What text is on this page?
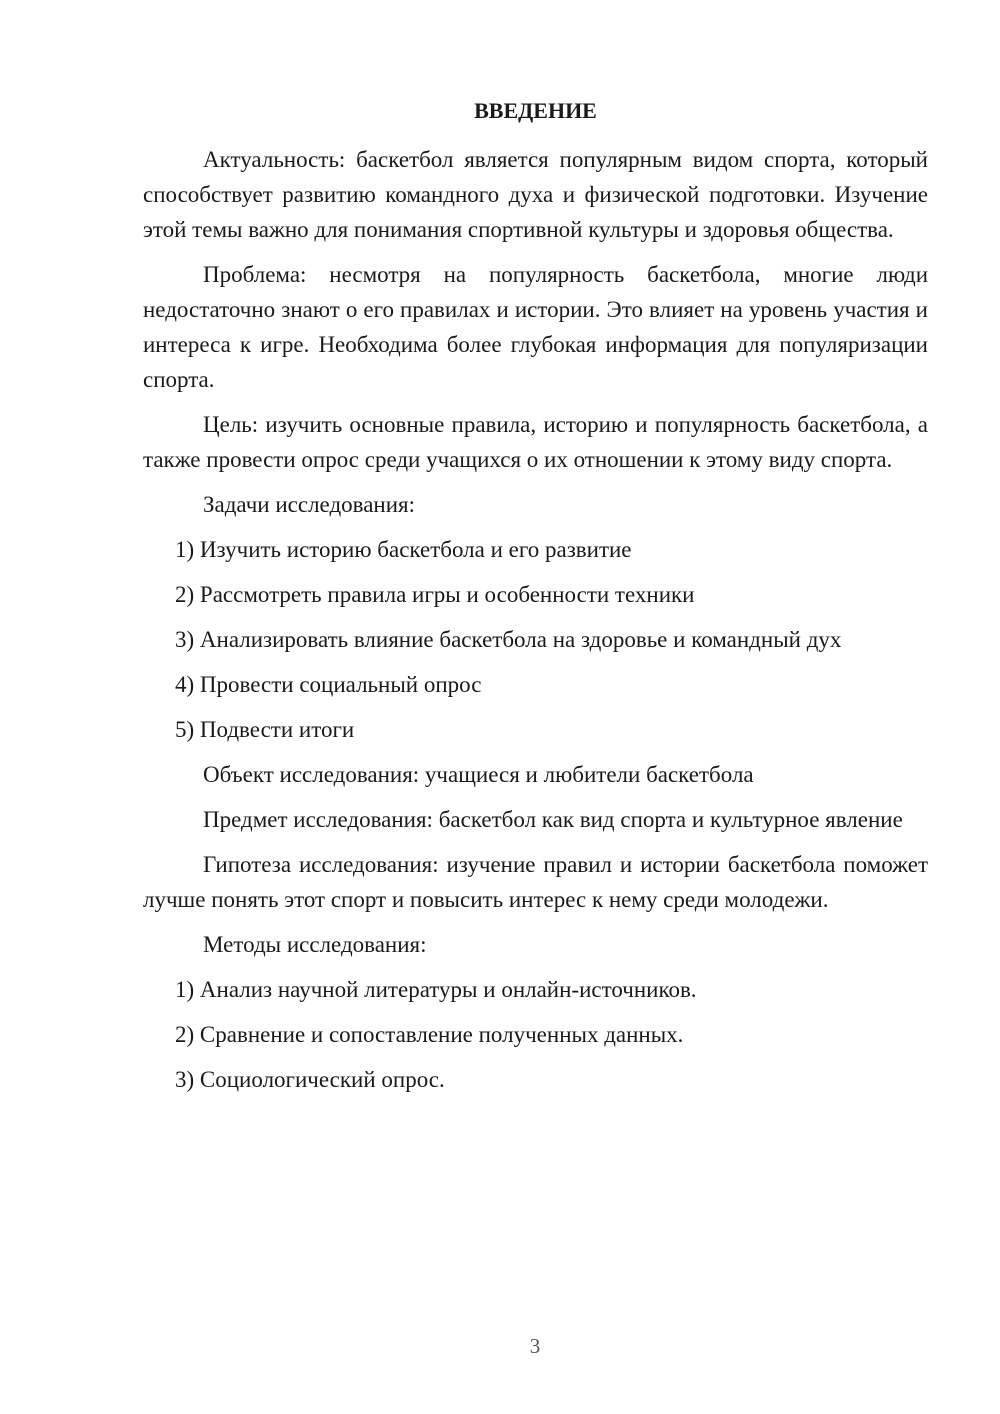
ВВЕДЕНИЕ

Актуальность: баскетбол является популярным видом спорта, который способствует развитию командного духа и физической подготовки. Изучение этой темы важно для понимания спортивной культуры и здоровья общества.

Проблема: несмотря на популярность баскетбола, многие люди недостаточно знают о его правилах и истории. Это влияет на уровень участия и интереса к игре. Необходима более глубокая информация для популяризации спорта.

Цель: изучить основные правила, историю и популярность баскетбола, а также провести опрос среди учащихся о их отношении к этому виду спорта.

Задачи исследования:

1) Изучить историю баскетбола и его развитие
2) Рассмотреть правила игры и особенности техники
3) Анализировать влияние баскетбола на здоровье и командный дух
4) Провести социальный опрос
5) Подвести итоги

Объект исследования: учащиеся и любители баскетбола

Предмет исследования: баскетбол как вид спорта и культурное явление

Гипотеза исследования: изучение правил и истории баскетбола поможет лучше понять этот спорт и повысить интерес к нему среди молодежи.

Методы исследования:

1) Анализ научной литературы и онлайн-источников.
2) Сравнение и сопоставление полученных данных.
3) Социологический опрос.
3
